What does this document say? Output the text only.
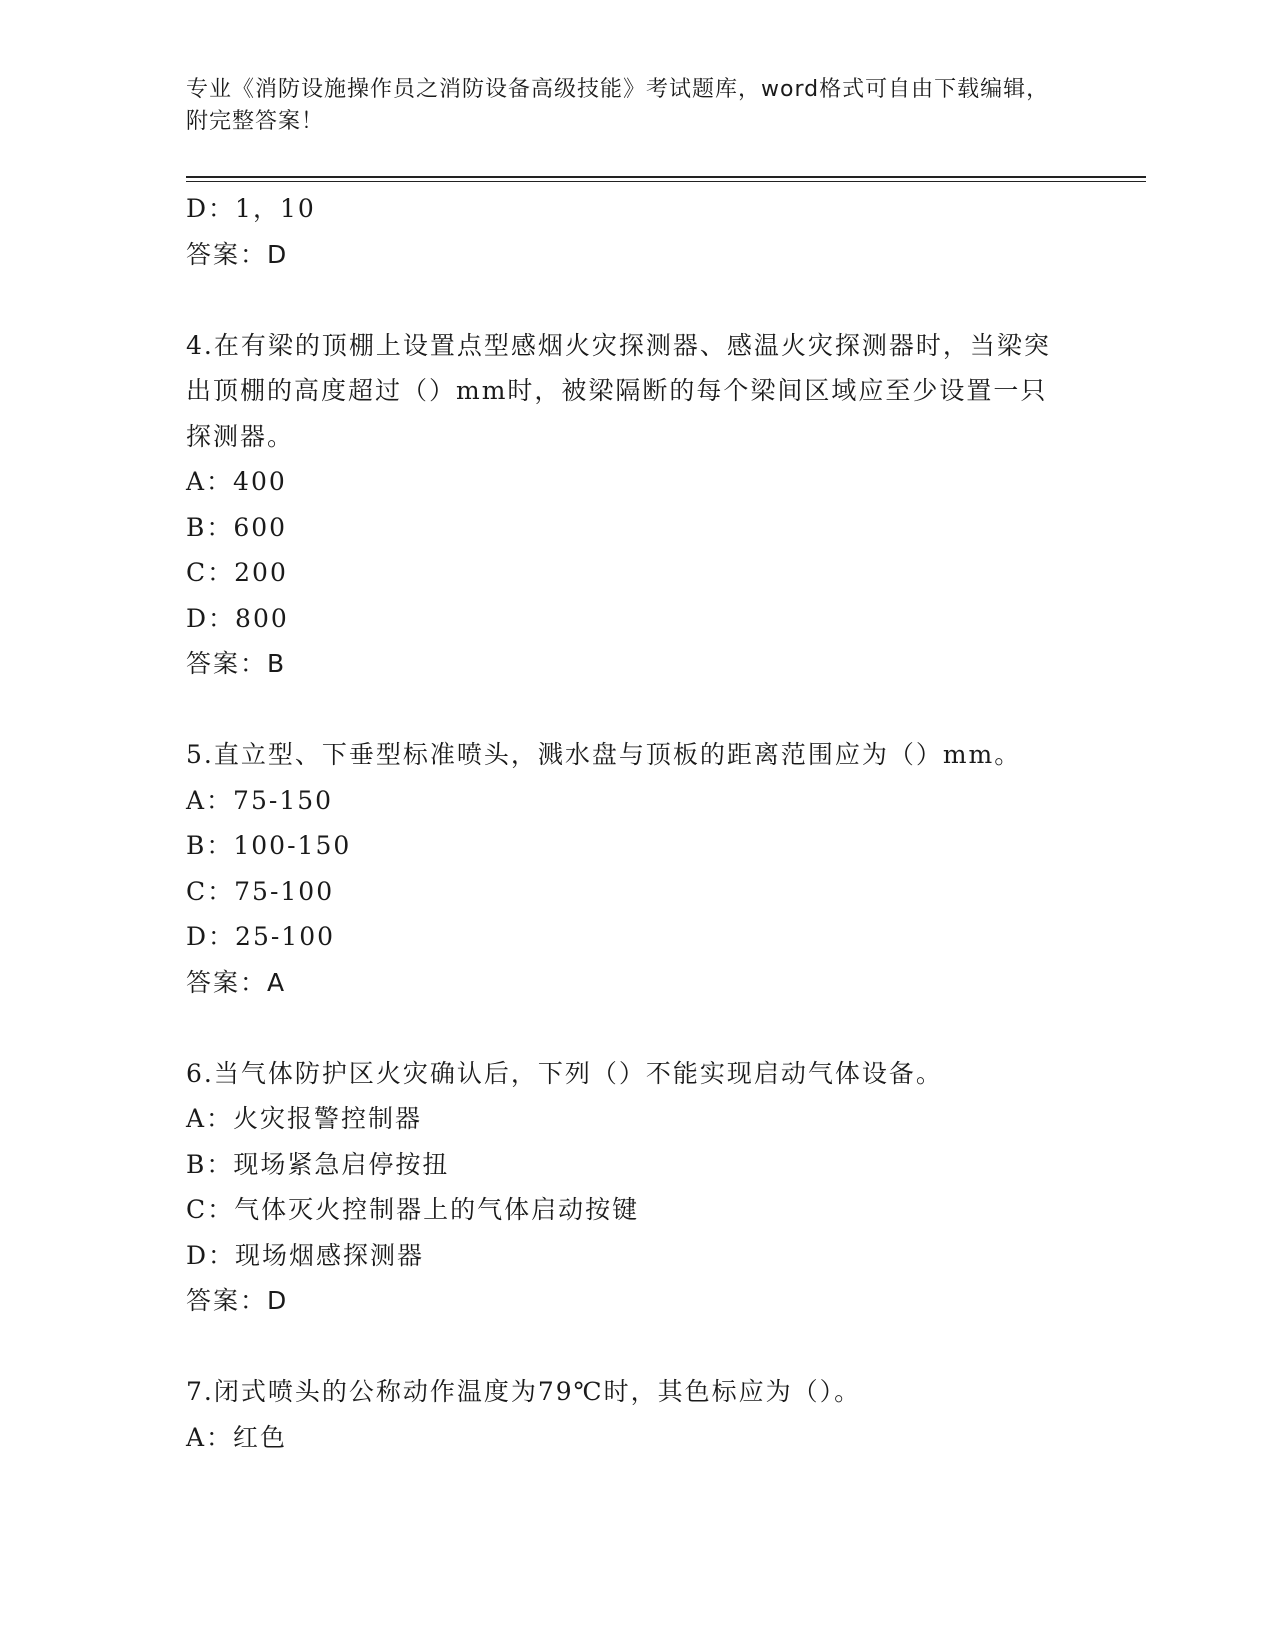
专业《消防设施操作员之消防设备高级技能》考试题库，word格式可自由下载编辑，附完整答案！
D：1，10
答案：D
4.在有梁的顶棚上设置点型感烟火灾探测器、感温火灾探测器时，当梁突出顶棚的高度超过（）mm时，被梁隔断的每个梁间区域应至少设置一只探测器。
A：400
B：600
C：200
D：800
答案：B
5.直立型、下垂型标准喷头，溅水盘与顶板的距离范围应为（）mm。
A：75-150
B：100-150
C：75-100
D：25-100
答案：A
6.当气体防护区火灾确认后，下列（）不能实现启动气体设备。
A：火灾报警控制器
B：现场紧急启停按扭
C：气体灭火控制器上的气体启动按键
D：现场烟感探测器
答案：D
7.闭式喷头的公称动作温度为79℃时，其色标应为（）。
A：红色
